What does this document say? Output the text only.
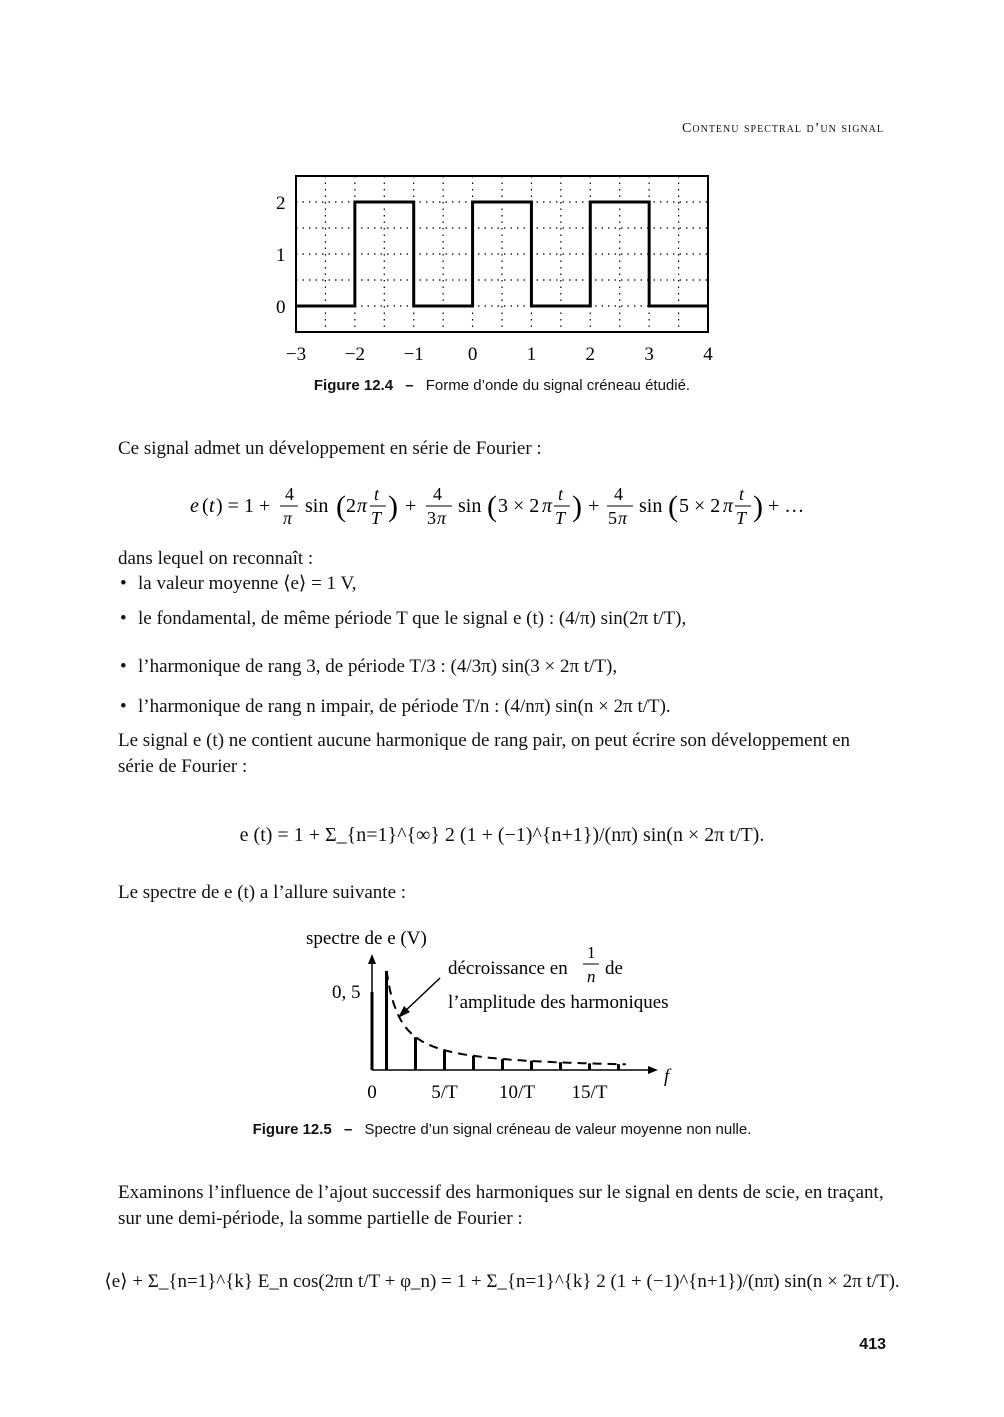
Contenu spectral d’un signal
0
1
2
−3 −2 −1 0	1	2	3	4
Figure 12.4 – Forme d’onde du signal créneau étudié.
Ce signal admet un développement en série de Fourier :
e ( t ) = 1 +
4
π
sin ( 2 π
t
T ) +
4
3 π
sin ( 3 × 2 π
t
T ) +
4
5 π
sin ( 5 × 2 π
t
T ) + …
dans lequel on reconnaît :
• la valeur moyenne ⟨e⟩ = 1 V,
• le fondamental, de même période T que le signal e (t) : (4/π) sin(2π t/T),
• l’harmonique de rang 3, de période T/3 : (4/3π) sin(3 × 2π t/T),
• l’harmonique de rang n impair, de période T/n : (4/nπ) sin(n × 2π t/T).
Le signal e (t) ne contient aucune harmonique de rang pair, on peut écrire son développement en série de Fourier :
e (t) = 1 + Σ_{n=1}^{∞} 2 (1 + (−1)^{n+1})/(nπ) sin(n × 2π t/T).
Le spectre de e (t) a l’allure suivante :
spectre de e (V)
f
0, 5
décroissance en
1
n de
l’amplitude des harmoniques
0	5/T 10/T 15/T
Figure 12.5 – Spectre d’un signal créneau de valeur moyenne non nulle.
Examinons l’influence de l’ajout successif des harmoniques sur le signal en dents de scie, en traçant, sur une demi-période, la somme partielle de Fourier :
⟨e⟩ + Σ_{n=1}^{k} E_n cos(2πn t/T + φ_n) = 1 + Σ_{n=1}^{k} 2 (1 + (−1)^{n+1})/(nπ) sin(n × 2π t/T).
413
